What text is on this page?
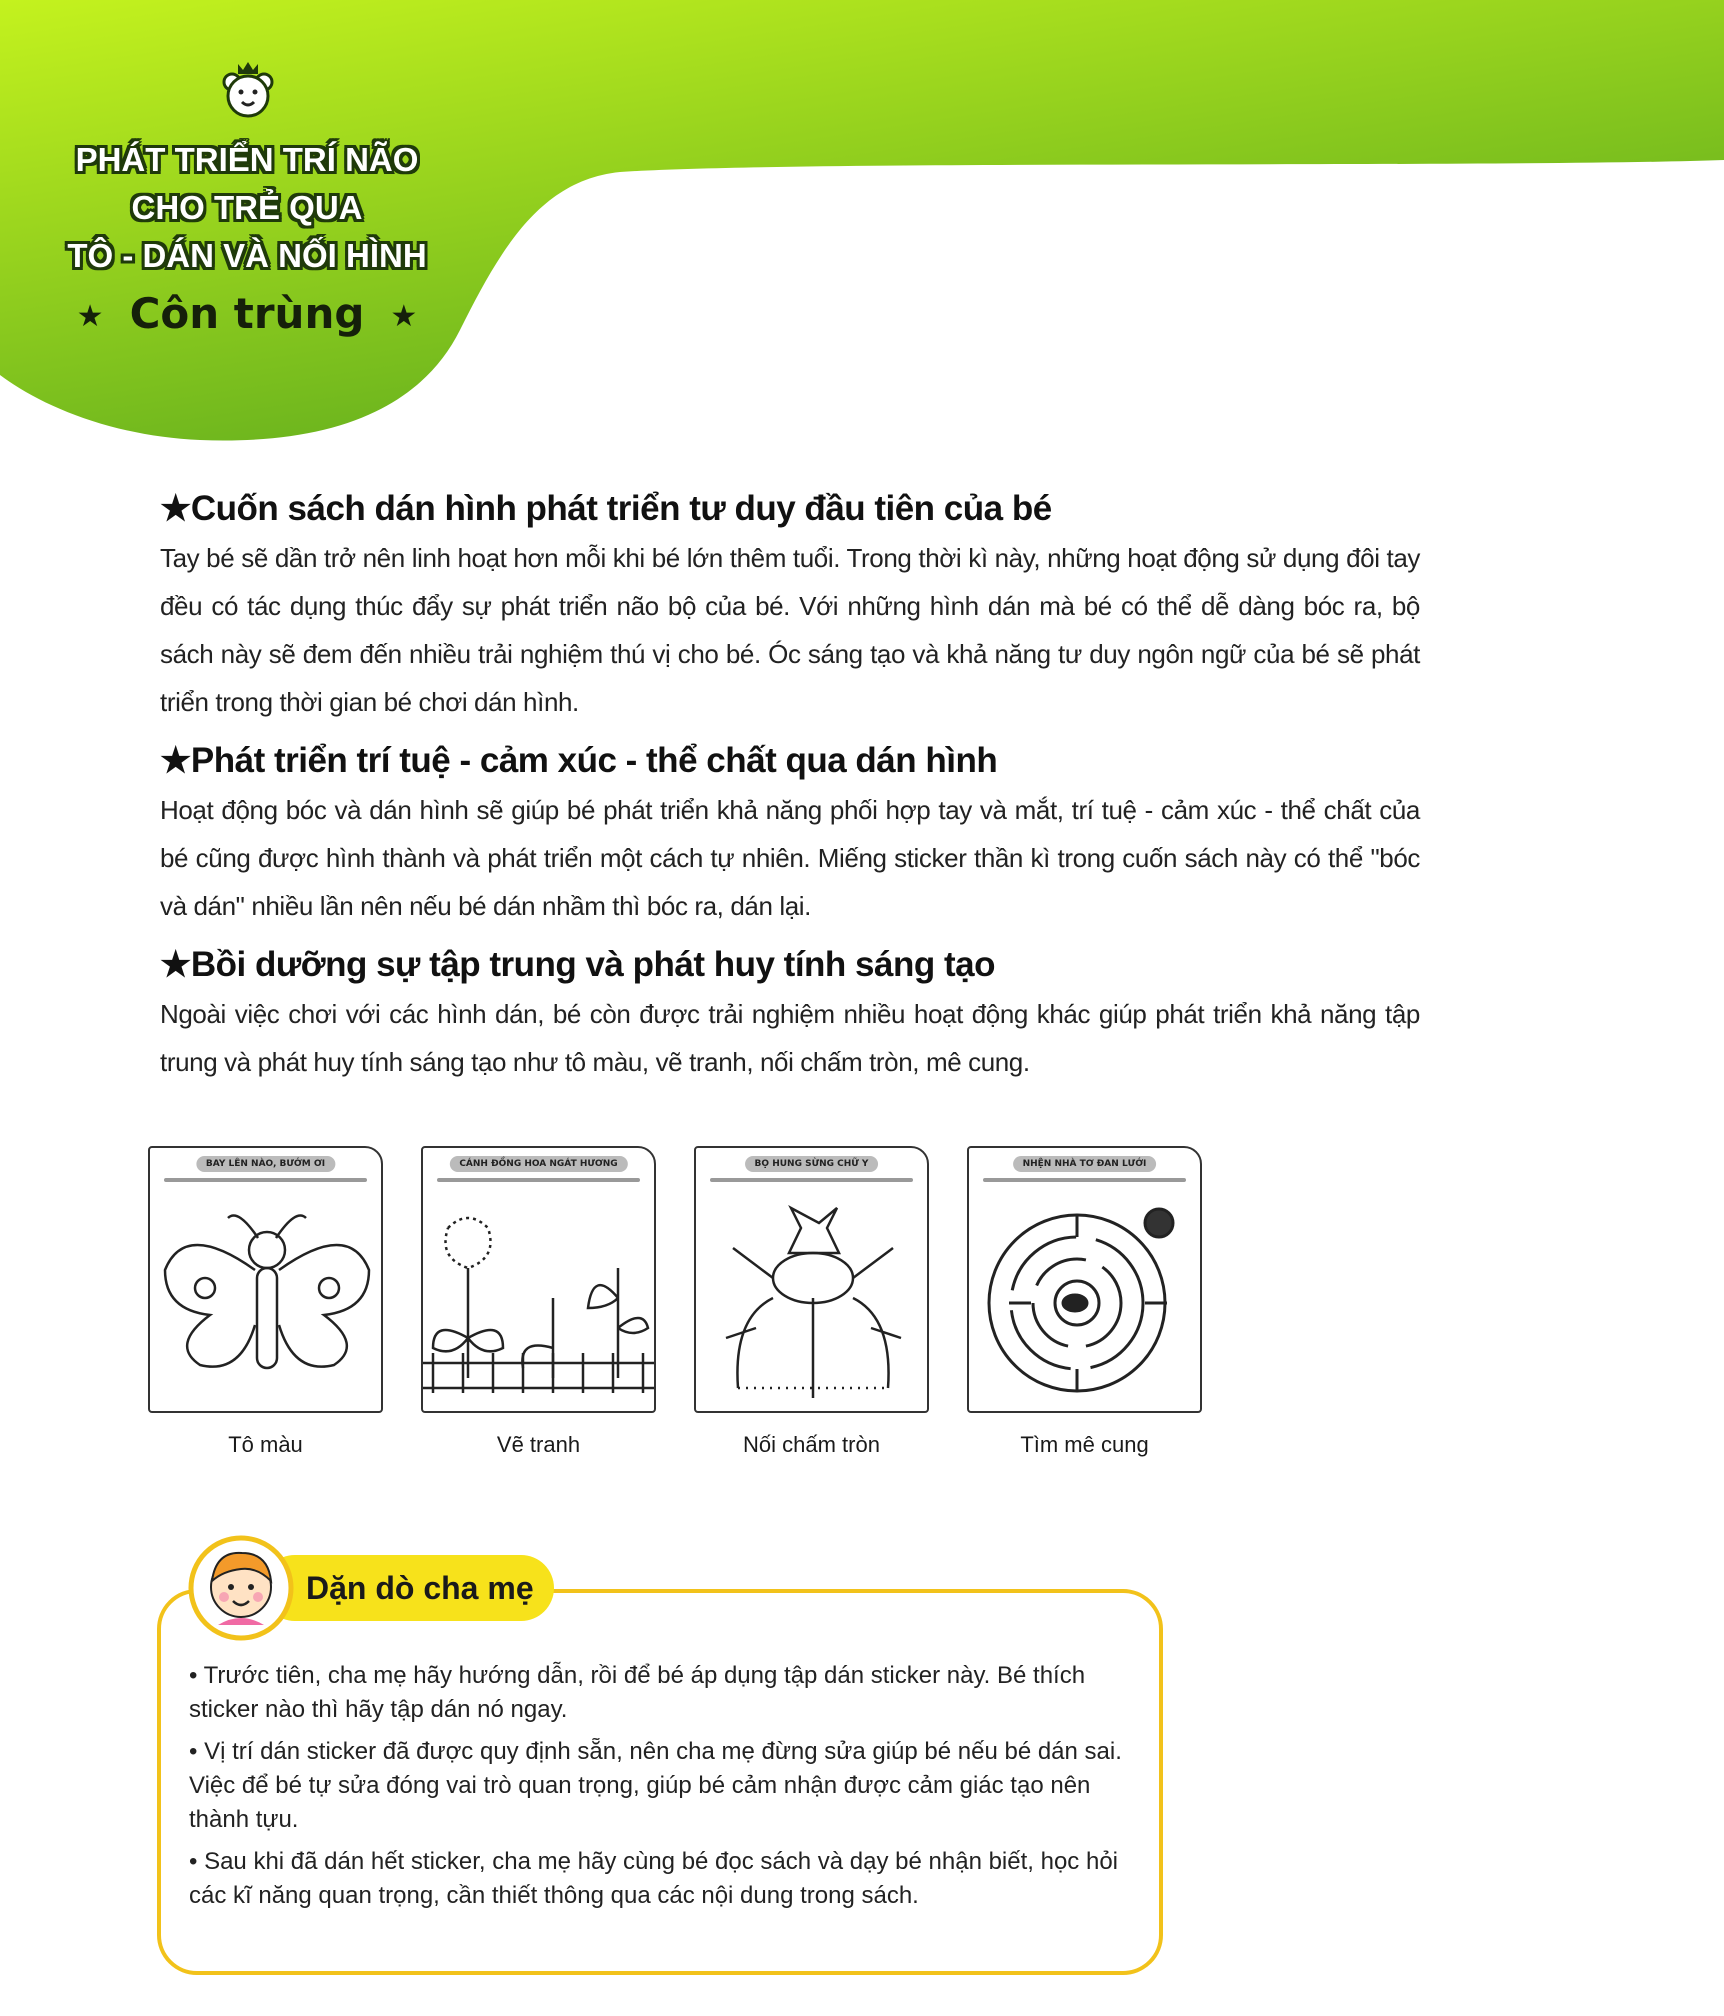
PHÁT TRIỂN TRÍ NÃO
CHO TRẺ QUA
TÔ - DÁN VÀ NỐI HÌNH
★ Côn trùng ★
★Cuốn sách dán hình phát triển tư duy đầu tiên của bé
Tay bé sẽ dần trở nên linh hoạt hơn mỗi khi bé lớn thêm tuổi. Trong thời kì này, những hoạt động sử dụng đôi tay đều có tác dụng thúc đẩy sự phát triển não bộ của bé. Với những hình dán mà bé có thể dễ dàng bóc ra, bộ sách này sẽ đem đến nhiều trải nghiệm thú vị cho bé. Óc sáng tạo và khả năng tư duy ngôn ngữ của bé sẽ phát triển trong thời gian bé chơi dán hình.
★Phát triển trí tuệ - cảm xúc - thể chất qua dán hình
Hoạt động bóc và dán hình sẽ giúp bé phát triển khả năng phối hợp tay và mắt, trí tuệ - cảm xúc - thể chất của bé cũng được hình thành và phát triển một cách tự nhiên. Miếng sticker thần kì trong cuốn sách này có thể "bóc và dán" nhiều lần nên nếu bé dán nhầm thì bóc ra, dán lại.
★Bồi dưỡng sự tập trung và phát huy tính sáng tạo
Ngoài việc chơi với các hình dán, bé còn được trải nghiệm nhiều hoạt động khác giúp phát triển khả năng tập trung và phát huy tính sáng tạo như tô màu, vẽ tranh, nối chấm tròn, mê cung.
BAY LÊN NÀO, BƯỚM ƠI
Tô màu
CÁNH ĐỒNG HOA NGÁT HƯƠNG
Vẽ tranh
BỌ HUNG SỪNG CHỮ Y
Nối chấm tròn
NHỆN NHÀ TƠ ĐAN LƯỚI
Tìm mê cung
• Trước tiên, cha mẹ hãy hướng dẫn, rồi để bé áp dụng tập dán sticker này. Bé thích sticker nào thì hãy tập dán nó ngay.
• Vị trí dán sticker đã được quy định sẵn, nên cha mẹ đừng sửa giúp bé nếu bé dán sai. Việc để bé tự sửa đóng vai trò quan trọng, giúp bé cảm nhận được cảm giác tạo nên thành tựu.
• Sau khi đã dán hết sticker, cha mẹ hãy cùng bé đọc sách và dạy bé nhận biết, học hỏi các kĩ năng quan trọng, cần thiết thông qua các nội dung trong sách.
Dặn dò cha mẹ
